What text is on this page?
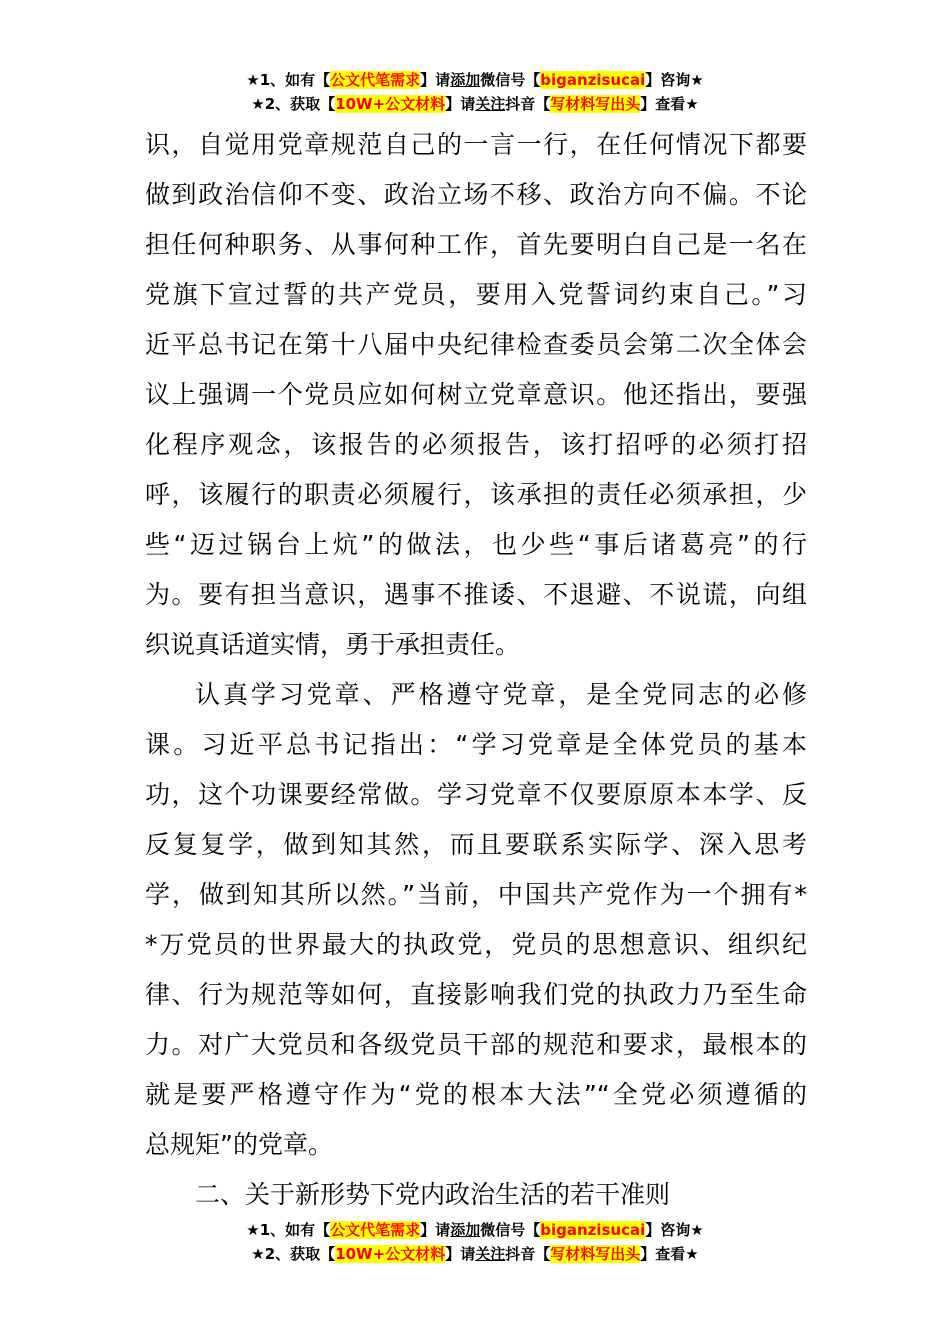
★1、如有【公文代笔需求】请添加微信号【biganzisucai】咨询★
★2、获取【10W+公文材料】请关注抖音【写材料写出头】查看★
识，自觉用党章规范自己的一言一行，在任何情况下都要
做到政治信仰不变、政治立场不移、政治方向不偏。不论
担任何种职务、从事何种工作，首先要明白自己是一名在
党旗下宣过誓的共产党员，要用入党誓词约束自己。”习
近平总书记在第十八届中央纪律检查委员会第二次全体会
议上强调一个党员应如何树立党章意识。他还指出，要强
化程序观念，该报告的必须报告，该打招呼的必须打招
呼，该履行的职责必须履行，该承担的责任必须承担，少
些“迈过锅台上炕”的做法，也少些“事后诸葛亮”的行
为。要有担当意识，遇事不推诿、不退避、不说谎，向组
织说真话道实情，勇于承担责任。
认真学习党章、严格遵守党章，是全党同志的必修
课。习近平总书记指出：“学习党章是全体党员的基本
功，这个功课要经常做。学习党章不仅要原原本本学、反
反复复学，做到知其然，而且要联系实际学、深入思考
学，做到知其所以然。”当前，中国共产党作为一个拥有*
*万党员的世界最大的执政党，党员的思想意识、组织纪
律、行为规范等如何，直接影响我们党的执政力乃至生命
力。对广大党员和各级党员干部的规范和要求，最根本的
就是要严格遵守作为“党的根本大法”“全党必须遵循的
总规矩”的党章。
二、关于新形势下党内政治生活的若干准则
★1、如有【公文代笔需求】请添加微信号【biganzisucai】咨询★
★2、获取【10W+公文材料】请关注抖音【写材料写出头】查看★
